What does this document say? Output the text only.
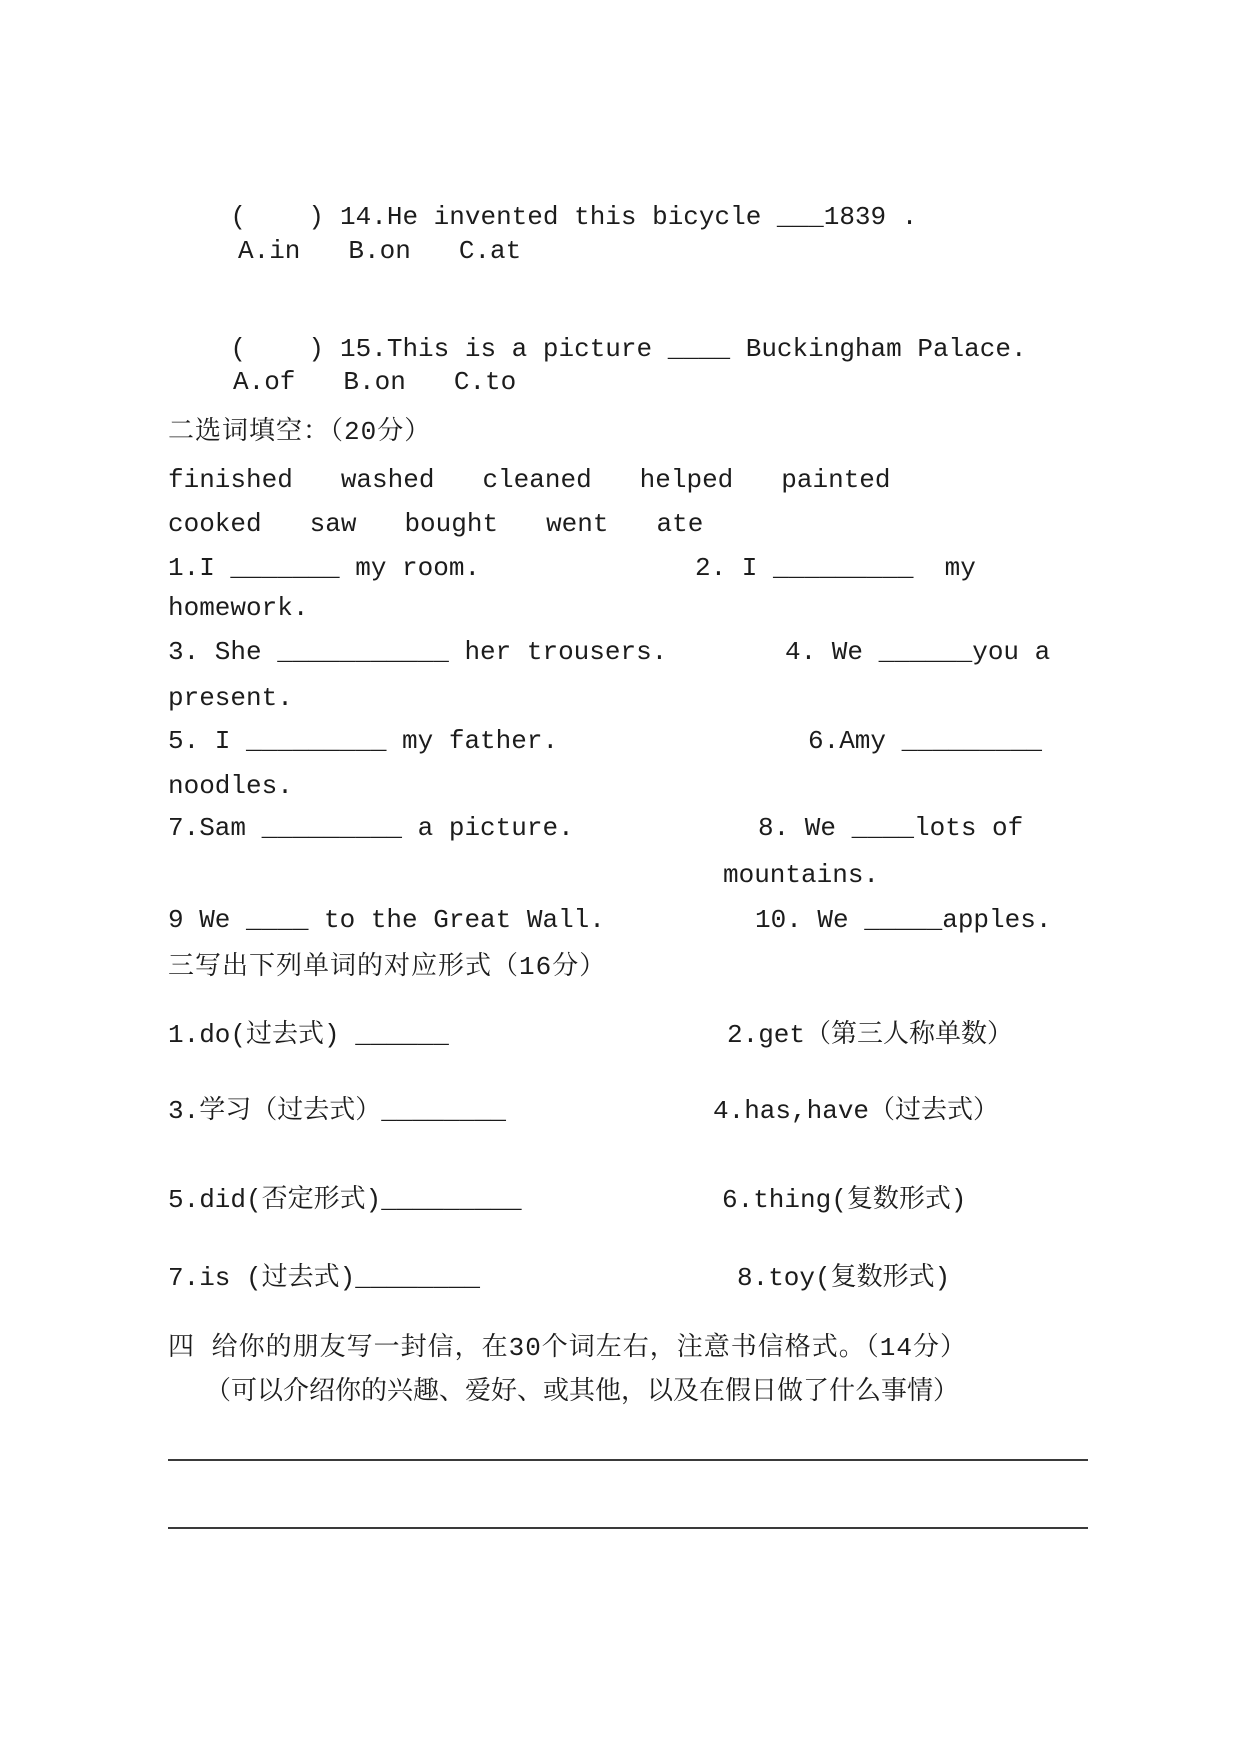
(    ) 14.He invented this bicycle ___1839 .

A.in B.on C.at

(    ) 15.This is a picture ____ Buckingham Palace.

A.of B.on C.to
二选词填空：（20分）
finished washed cleaned helped painted
cooked saw bought went ate

1.I _______ my room.

	2. I _________  my

homework.

3. She ___________ her trousers.

	4. We ______you a

present.

5. I _________ my father.

	6.Amy _________

noodles.

7.Sam _________ a picture.

	8. We ____lots of

mountains.

9 We ____ to the Great Wall.

	10. We _____apples.

三写出下列单词的对应形式（16分）

1.do(过去式) ______

	2.get（第三人称单数）

3.学习（过去式）________

	4.has,have（过去式）

5.did(否定形式)_________

	6.thing(复数形式)

7.is (过去式)________

	8.toy(复数形式)

四 给你的朋友写一封信，在30个词左右，注意书信格式。（14分）
（可以介绍你的兴趣、爱好、或其他，以及在假日做了什么事情）
